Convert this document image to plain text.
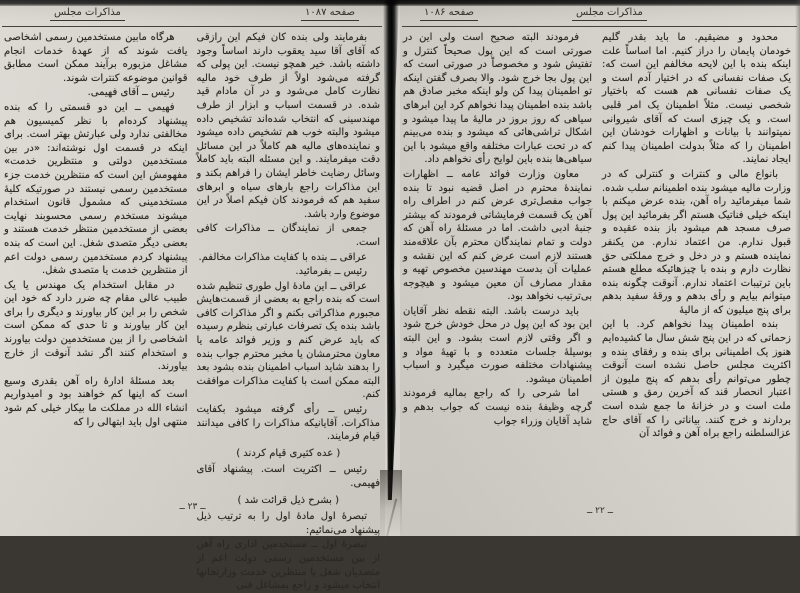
مذاکرات مجلس	صفحه ۱۰۸۷
بفرمایند ولی بنده کان فیکم این رازقی که آقای آقا سید یعقوب دارند اساساً وجود داشته باشد. خیر همچو نیست. این پولی که گرفته می‌شود اولاً از طرف خود مالیه نظارت کامل می‌شود و در آن مادام قید شده. در قسمت اسباب و ابزار از طرف مهندسینی که انتخاب شده‌اند تشخیص داده میشود والبته خوب هم تشخیص داده میشود و نماینده‌های مالیه هم کاملاً در این مسائل دقت میفرمایند. و این مسئله البته باید کاملاً وسائل رضایت خاطر ایشان را فراهم بکند و این مذاکرات راجع بارهای سیاه و ابرهای سفید هم که فرمودند کان فیکم اصلاً در این موضوع وارد باشد.
جمعی از نمایندگان ــ مذاکرات کافی است.
عراقی ــ بنده با کفایت مذاکرات مخالفم.
رئیس ــ بفرمائید.
عراقی ــ این مادهٔ اول طوری تنظیم شده است که بنده راجع به بعضی از قسمت‌هایش مجبورم مذاکراتی بکنم و اگر مذاکرات کافی باشد بنده یک تصرفات عبارتی بنظرم رسیده که باید عرض کنم و وزیر فوائد عامه یا معاون محترمشان یا مخبر محترم جواب بنده را بدهند شاید اسباب اطمینان بنده بشود بعد البته ممکن است با کفایت مذاکرات موافقت کنم.
رئیس ــ رأی گرفته میشود بکفایت مذاکرات. آقایانیکه مذاکرات را کافی میدانند قیام فرمایند.
( عده کثیری قیام کردند )
رئیس ــ اکثریت است. پیشنهاد آقای فهیمی.
( بشرح ذیل قرائت شد )
تبصرهٔ اول مادهٔ اول را به ترتیب ذیل پیشنهاد می‌نمائیم:
تبصرهٔ اول ــ مستخدمین اداری راه آهن از بین مستخدمین رسمی دولت اعم از متصدیان شغل یا منتظرین خدمت وزارتخانها انتخاب میشود و راجع بمشاغل فنی
هرگاه مابین مستخدمین رسمی اشخاصی یافت شوند که از عهدهٔ خدمات انجام مشاغل مزبوره برآیند ممکن است مطابق قوانین موضوعه کنترات شوند.
رئیس ــ آقای فهیمی.
فهیمی ــ این دو قسمتی را که بنده پیشنهاد کرده‌ام با نظر کمیسیون هم مخالفتی ندارد ولی عبارتش بهتر است. برای اینکه در قسمت اول نوشته‌اند: «در بین مستخدمین دولتی و منتظرین خدمت» مفهومش این است که منتظرین خدمت جزء مستخدمین رسمی نیستند در صورتیکه کلیهٔ مستخدمینی که مشمول قانون استخدام میشوند مستخدم رسمی محسوبند نهایت بعضی از مستخدمین منتظر خدمت هستند و بعضی دیگر متصدی شغل. این است که بنده پیشنهاد کردم مستخدمین رسمی دولت اعم از منتظرین خدمت یا متصدی شغل.
در مقابل استخدام یک مهندس یا یک طبیب عالی مقام چه ضرر دارد که خود این شخص را بر این کار بیاورند و دیگری را برای این کار بیاورند و تا حدی که ممکن است اشخاصی را از بین مستخدمین دولت بیاورند و استخدام کنند اگر نشد آنوقت از خارج بیاورند.
بعد مسئلهٔ ادارهٔ راه آهن بقدری وسیع است که اینها کم خواهند بود و امیدواریم انشاء الله در مملکت ما بیکار خیلی کم شود منتهی اول باید ابتهالی را که
ــ ۲۳ ــ
صفحه ۱۰۸۶	مذاکرات مجلس
محدود و مضیقیم. ما باید بقدر گلیم خودمان پایمان را دراز کنیم. اما اساساً علت اینکه بنده با این لایحه مخالفم این است که: یک صفات نفسانی که در اختیار آدم است و یک صفات نفسانی هم هست که باختیار شخصی نیست. مثلاً اطمینان یک امر قلبی است. و یک چیزی است که آقای شیروانی نمیتوانند با بیانات و اظهارات خودشان این اطمینان را که مثلاً بدولت اطمینان پیدا کنم ایجاد نمایند.
بانواع مالی و کنترات و کنترلی که در وزارت مالیه میشود بنده اطمینانم سلب شده. شما میفرمائید راه آهن، بنده عرض میکنم با اینکه خیلی فناتیک هستم اگر بفرمائید این پول صرف مسجد هم میشود باز بنده عقیده و قبول ندارم. من اعتماد ندارم. من یکنفر نماینده هستم و در دخل و خرج مملکتی حق نظارت دارم و بنده با چیزهائیکه مطلع هستم باین ترتیبات اعتماد ندارم. آنوقت چگونه بنده میتوانم بیایم و رأی بدهم و ورقهٔ سفید بدهم برای پنج میلیون که از مالیهٔ
بنده اطمینان پیدا نخواهم کرد. با این زحماتی که در این پنج شش سال ما کشیده‌ایم هنوز یک اطمینانی برای بنده و رفقای بنده و اکثریت مجلس حاصل نشده است آنوقت چطور می‌توانم رأی بدهم که پنج ملیون از اعتبار انحصار قند که آخرین رمق و هستی ملت است و در خزانهٔ ما جمع شده است بردارند و خرج کنند. بیاناتی را که آقای حاج عزالسلطنه راجع براه آهن و فوائد آن
فرمودند البته صحیح است ولی این در صورتی است که این پول صحیحاً کنترل و تفتیش شود و مخصوصاً در صورتی است که این پول بجا خرج شود. والا بصرف گفتن اینکه تو اطمینان پیدا کن ولو اینکه مخبر صادق هم باشد بنده اطمینان پیدا نخواهم کرد این ابرهای سیاهی که روز بروز در مالیهٔ ما پیدا میشود و اشکال تراشی‌هائی که میشود و بنده می‌بینم که در تحت عبارات مختلفه واقع میشود با این سیاهی‌ها بنده باین لوایح رأی نخواهم داد.
معاون وزارت فوائد عامه ــ اظهارات نمایندهٔ محترم در اصل قضیه نبود تا بنده جواب مفصل‌تری عرض کنم در اطراف راه آهن یک قسمت فرمایشاتی فرمودند که بیشتر جنبهٔ ادبی داشت. اما در مسئلهٔ راه آهن که دولت و تمام نمایندگان محترم بآن علاقه‌مند هستند لازم است عرض کنم که این نقشه و عملیات آن بدست مهندسین مخصوص تهیه و مقدار مصارف آن معین میشود و هیچوجه بی‌ترتیب نخواهد بود.
باید درست باشد. البته نقطه نظر آقایان این بود که این پول در محل خودش خرج شود و اگر وقتی لازم است بشود. و این البته بوسیلهٔ جلسات متعدده و با تهیهٔ مواد و پیشنهادات مختلفه صورت میگیرد و اسباب اطمینان میشود.
اما شرحی را که راجع بمالیه فرمودند گرچه وظیفهٔ بنده نیست که جواب بدهم و شاید آقایان وزراء جواب
ــ ۲۲ ــ
